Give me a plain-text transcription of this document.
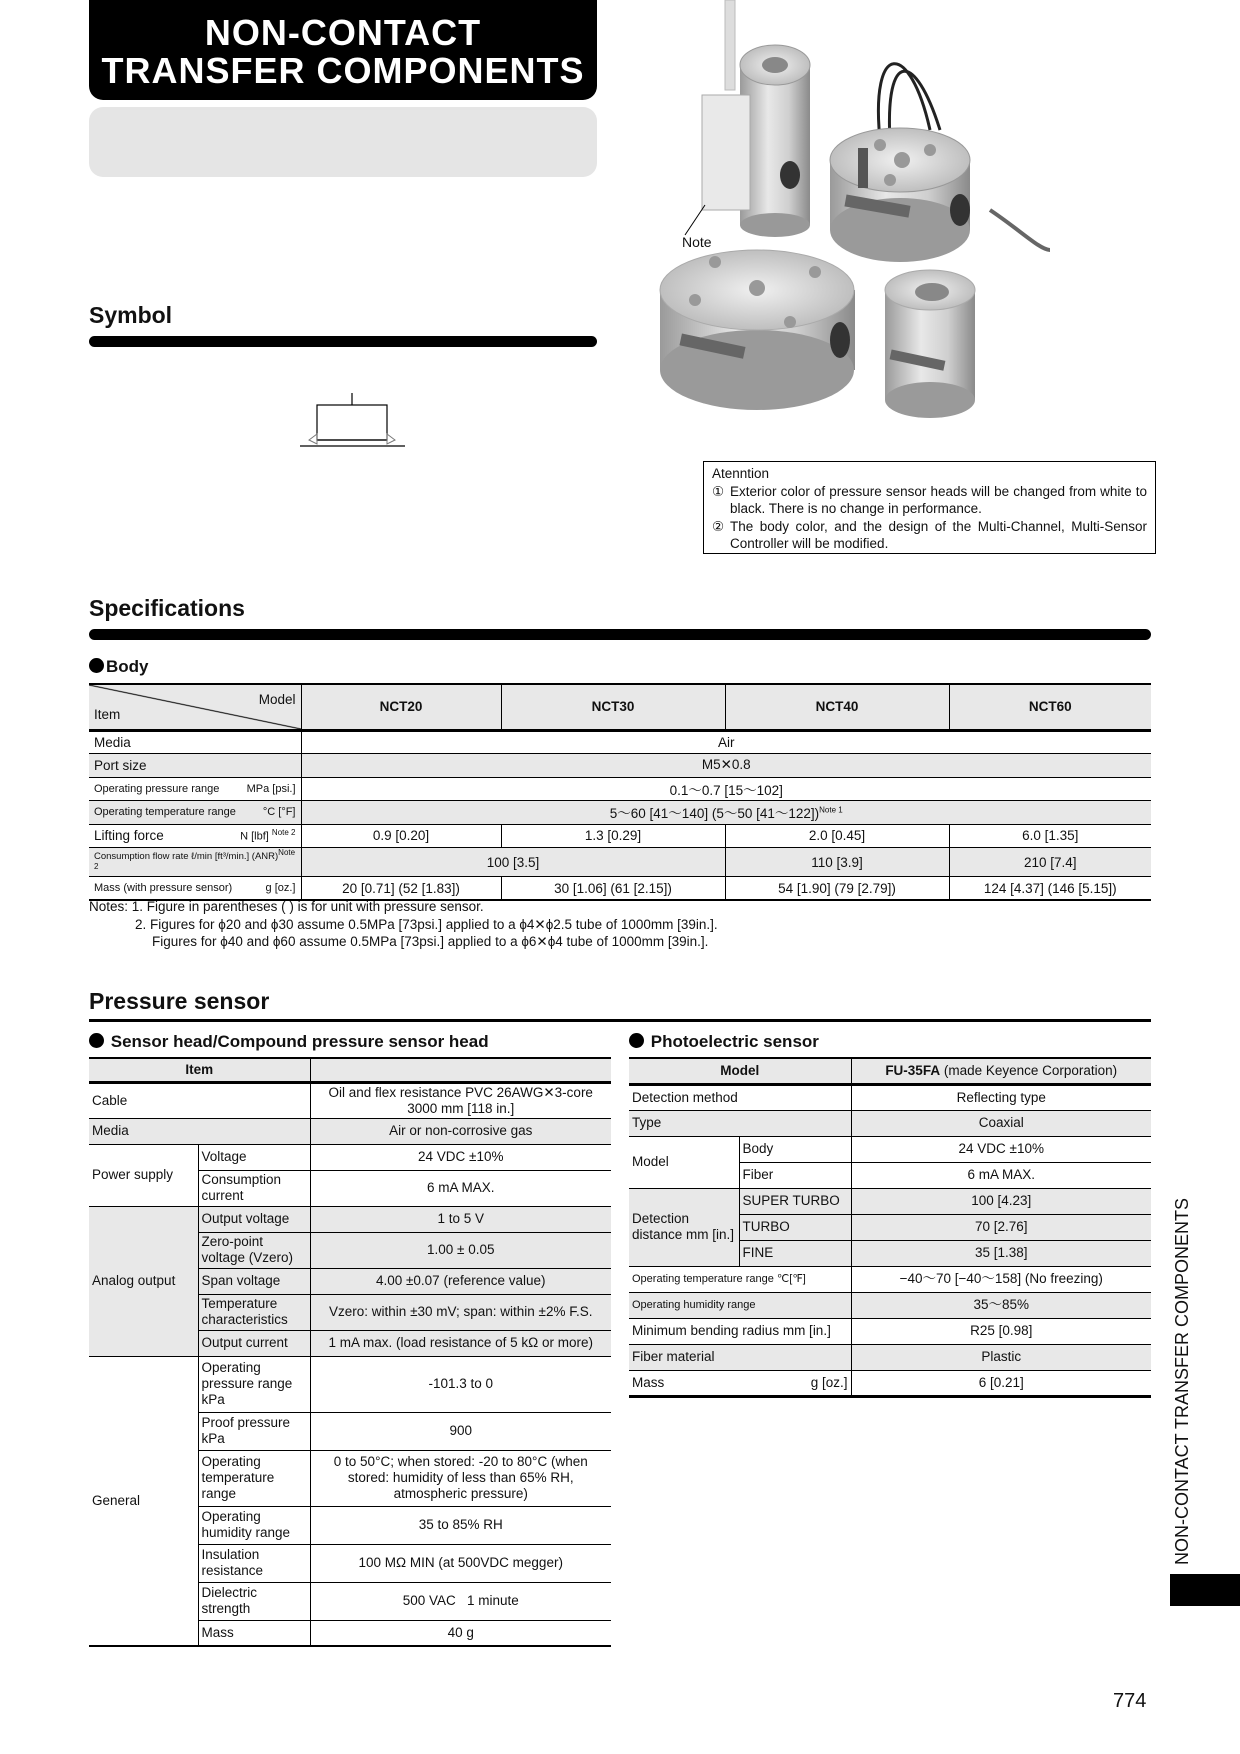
NON-CONTACT
TRANSFER COMPONENTS
Symbol
Note
Atenntion
① Exterior color of pressure sensor heads will be changed from white to black. There is no change in performance.
② The body color, and the design of the Multi-Channel, Multi-Sensor Controller will be modified.
Specifications
Body
Model
Item	NCT20	NCT30	NCT40	NCT60
Media	Air			
Port size	M5✕0.8			
Operating pressure range MPa [psi.]	0.1〜0.7 [15〜102]			
Operating temperature range °C [°F]	5〜60 [41〜140] (5〜50 [41〜122])$^{Note 1}$
Lifting force N [lbf] $^{Note 2}$	0.9 [0.20]	1.3 [0.29]	2.0 [0.45]	6.0 [1.35]
Consumption flow rate ℓ/min [ft³/min.] (ANR)$^{Note 2}$	100 [3.5]		110 [3.9]	210 [7.4]
Mass (with pressure sensor) g [oz.]	20 [0.71] (52 [1.83])	30 [1.06] (61 [2.15])	54 [1.90] (79 [2.79])	124 [4.37] (146 [5.15])
Notes: 1. Figure in parentheses ( ) is for unit with pressure sensor.
2. Figures for ϕ20 and ϕ30 assume 0.5MPa [73psi.] applied to a ϕ4✕ϕ2.5 tube of 1000mm [39in.].
Figures for ϕ40 and ϕ60 assume 0.5MPa [73psi.] applied to a ϕ6✕ϕ4 tube of 1000mm [39in.].
Pressure sensor
Sensor head/Compound pressure sensor head	Photoelectric sensor
Item		
Cable		Oil and flex resistance PVC 26AWG✕3-core 3000 mm [118 in.]
Media		Air or non-corrosive gas
Power supply	Voltage	24 VDC ±10%
	Consumption current	6 mA MAX.
Analog output	Output voltage	1 to 5 V
	Zero-point voltage (Vzero)	1.00 ± 0.05
	Span voltage	4.00 ±0.07 (reference value)
	Temperature characteristics	Vzero: within ±30 mV; span: within ±2% F.S.
	Output current	1 mA max. (load resistance of 5 kΩ or more)
General	Operating pressure range kPa	-101.3 to 0
	Proof pressure kPa	900
	Operating temperature range	0 to 50°C; when stored: -20 to 80°C (when stored: humidity of less than 65% RH, atmospheric pressure)
	Operating humidity range	35 to 85% RH
	Insulation resistance	100 MΩ MIN (at 500VDC megger)
	Dielectric strength	500 VAC   1 minute
	Mass	40 g
Model		FU-35FA (made Keyence Corporation)
Detection method		Reflecting type
Type		Coaxial
Model	Body	24 VDC ±10%
	Fiber	6 mA MAX.
Detection distance mm [in.]	SUPER TURBO	100 [4.23]
	TURBO	70 [2.76]
	FINE	35 [1.38]
Operating temperature range ℃[℉]		−40〜70 [−40〜158] (No freezing)
Operating humidity range		35〜85%
Minimum bending radius mm [in.]		R25 [0.98]
Fiber material		Plastic
Mass g [oz.]		6 [0.21]	NON-CONTACT TRANSFER COMPONENTS
774
